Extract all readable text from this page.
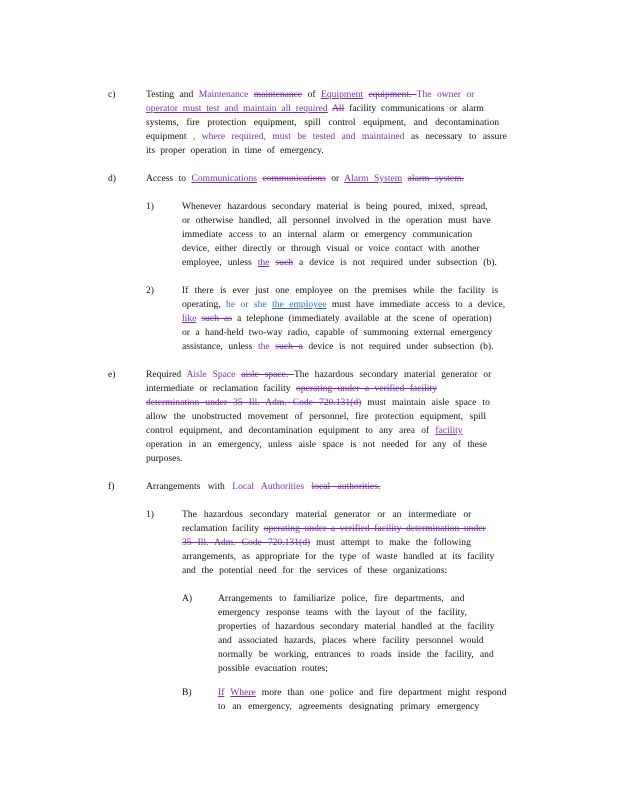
c)	Testing and Maintenance maintenance of Equipment equipment. The owner or
operator must test and maintain all required All facility communications or alarm
systems, fire protection equipment, spill control equipment, and decontamination
equipment , where required, must be tested and maintained as necessary to assure
its proper operation in time of emergency.
d)	Access to Communications communications or Alarm System alarm system.
1)	Whenever hazardous secondary material is being poured, mixed, spread,
or otherwise handled, all personnel involved in the operation must have
immediate access to an internal alarm or emergency communication
device, either directly or through visual or voice contact with another
employee, unless the such a device is not required under subsection (b).
2)	If there is ever just one employee on the premises while the facility is
operating, he or she the employee must have immediate access to a device,
like such as a telephone (immediately available at the scene of operation)
or a hand-held two-way radio, capable of summoning external emergency
assistance, unless the such a device is not required under subsection (b).
e)	Required Aisle Space aisle space. The hazardous secondary material generator or
intermediate or reclamation facility operating under a verified facility
determination under 35 Ill. Adm. Code 720.131(d) must maintain aisle space to
allow the unobstructed movement of personnel, fire protection equipment, spill
control equipment, and decontamination equipment to any area of facility
operation in an emergency, unless aisle space is not needed for any of these
purposes.
f)	Arrangements with Local Authorities local authorities.
1)	The hazardous secondary material generator or an intermediate or
reclamation facility operating under a verified facility determination under
35 Ill. Adm. Code 720.131(d) must attempt to make the following
arrangements, as appropriate for the type of waste handled at its facility
and the potential need for the services of these organizations:
A)	Arrangements to familiarize police, fire departments, and
emergency response teams with the layout of the facility,
properties of hazardous secondary material handled at the facility
and associated hazards, places where facility personnel would
normally be working, entrances to roads inside the facility, and
possible evacuation routes;
B)	If Where more than one police and fire department might respond
to an emergency, agreements designating primary emergency
